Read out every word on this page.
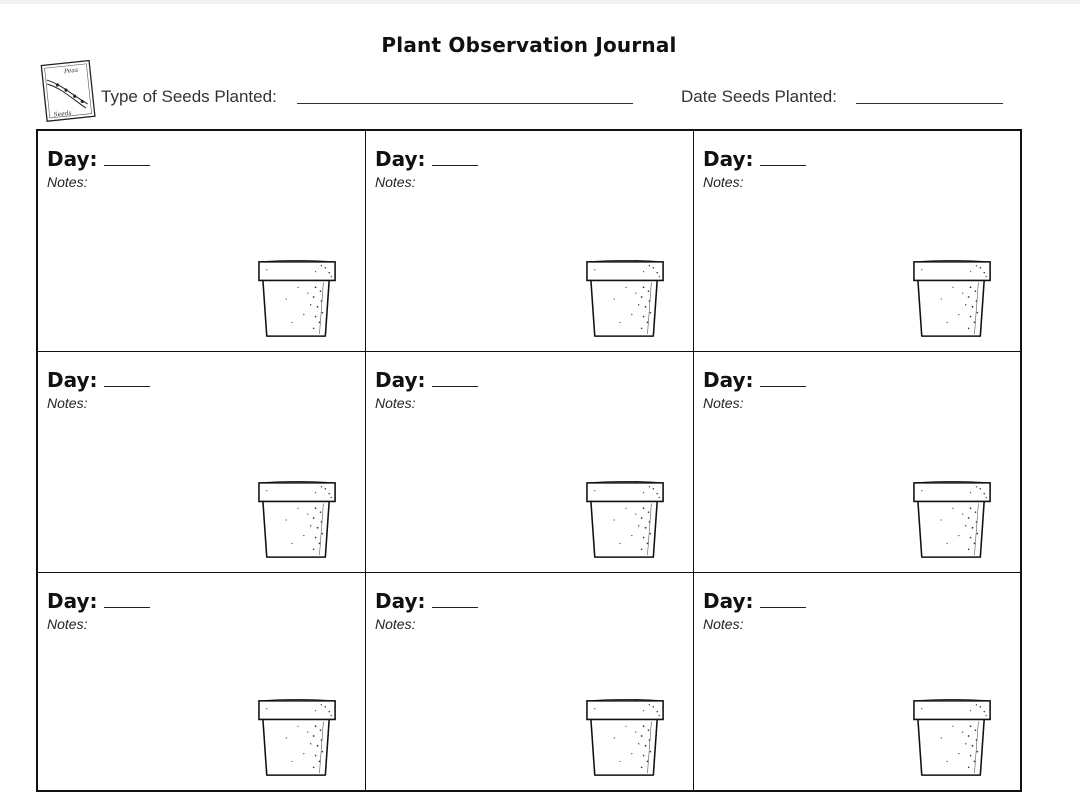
Plant Observation Journal
Peas
Seeds
Type of Seeds Planted:	Date Seeds Planted:
Day:
Notes:
Day:
Notes:
Day:
Notes:
Day:
Notes:
Day:
Notes:
Day:
Notes:
Day:
Notes:
Day:
Notes:
Day:
Notes:
